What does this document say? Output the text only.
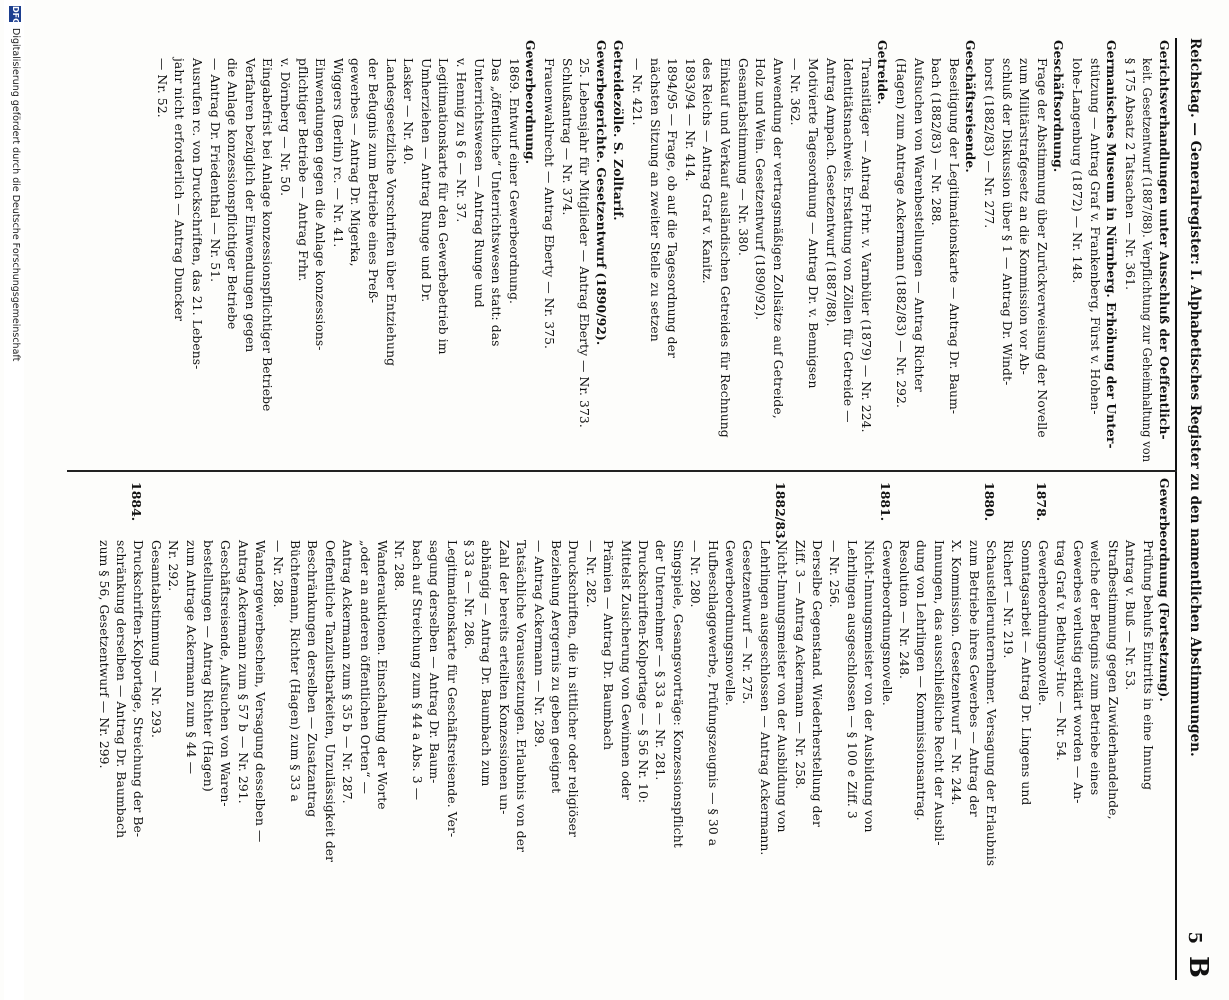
Reichstag. — Generalregister: I. Alphabetisches Register zu den namentlichen Abstimmungen.
5
B
Gerichtsverhandlungen unter Ausschluß der Oeffentlich-
keit. Gesetzentwurf (1887/88). Verpflichtung zur Geheimhaltung von
§ 175 Absatz 2 Tatsachen — Nr. 361.
Germanisches Museum in Nürnberg. Erhöhung der Unter-
stützung — Antrag Graf v. Frankenberg, Fürst v. Hohen-
lohe-Langenburg (1872) — Nr. 148.
Geschäftsordnung.
Frage der Abstimmung über Zurückverweisung der Novelle
zum Militärstrafgesetz an die Kommission vor Ab-
schluß der Diskussion über § 1 — Antrag Dr. Windt-
horst (1882/83) — Nr. 277.
Geschäftsreisende.
Beseitigung der Legitimationskarte — Antrag Dr. Baum-
bach (1882/83) — Nr. 288.
Aufsuchen von Warenbestellungen — Antrag Richter
(Hagen) zum Antrage Ackermann (1882/83) — Nr. 292.
Getreide.
Transitläger — Antrag Frhr. v. Varnbüler (1879) — Nr. 224.
Identitätsnachweis. Erstattung von Zöllen für Getreide —
Antrag Ampach. Gesetzentwurf (1887/88).
Motivierte Tagesordnung — Antrag Dr. v. Bennigsen
— Nr. 362.
Anwendung der vertragsmäßigen Zollsätze auf Getreide,
Holz und Wein. Gesetzentwurf (1890/92).
Gesamtabstimmung — Nr. 380.
Einkauf und Verkauf ausländischen Getreides für Rechnung
des Reichs — Antrag Graf v. Kanitz.
1893/94 — Nr. 414.
1894/95 — Frage, ob auf die Tagesordnung der
nächsten Sitzung an zweiter Stelle zu setzen
— Nr. 421.
Getreidezölle. S. Zolltarif.
Gewerbegerichte. Gesetzentwurf (1890/92).
25. Lebensjahr für Mitglieder — Antrag Eberty — Nr. 373.
Schlußantrag — Nr. 374.
Frauenwahlrecht — Antrag Eberty — Nr. 375.
Gewerbeordnung.
1869. Entwurf einer Gewerbeordnung.
Das „öffentliche“ Unterrichtswesen statt: das
Unterrichtswesen — Antrag Runge und
v. Hennig zu § 6 — Nr. 37.
Legitimationskarte für den Gewerbebetrieb im
Umherziehen — Antrag Runge und Dr.
Lasker — Nr. 40.
Landesgesetzliche Vorschriften über Entziehung
der Befugnis zum Betriebe eines Preß-
gewerbes — Antrag Dr. Migerka,
Wiggers (Berlin) rc. — Nr. 41.
Einwendungen gegen die Anlage konzessions-
pflichtiger Betriebe — Antrag Frhr.
v. Dörnberg — Nr. 50.
Eingabefrist bei Anlage konzessionspflichtiger Betriebe
Verfahren bezüglich der Einwendungen gegen
die Anlage konzessionspflichtiger Betriebe
— Antrag Dr. Friedenthal — Nr. 51.
Ausrufen rc. von Druckschriften, das 21. Lebens-
jahr nicht erforderlich — Antrag Duncker
— Nr. 52.
Gewerbeordnung (Fortsetzung).
Prüfung behufs Eintritts in eine Innung
Antrag v. Buß — Nr. 53.
Strafbestimmung gegen Zuwiderhandelnde,
welche der Befugnis zum Betriebe eines
Gewerbes verlustig erklärt worden — An-
trag Graf v. Bethusy-Huc — Nr. 54.
Gewerbeordnungsnovelle.
1878.
Sonntagsarbeit — Antrag Dr. Lingens und
Richert — Nr. 219.
Schaustellerunternehmer. Versagung der Erlaubnis
1880.
zum Betriebe ihres Gewerbes — Antrag der
X. Kommission. Gesetzentwurf — Nr. 244.
Innungen, das ausschließliche Recht der Ausbil-
dung von Lehrlingen — Kommissionsantrag.
Resolution — Nr. 248.
Gewerbeordnungsnovelle.
1881.
Nicht-Innungsmeister von der Ausbildung von
Lehrlingen ausgeschlossen — § 100 e Ziff. 3
— Nr. 256.
Derselbe Gegenstand. Wiederherstellung der
Ziff. 3 — Antrag Ackermann — Nr. 258.
Nicht-Innungsmeister von der Ausbildung von
1882/83.
Lehrlingen ausgeschlossen — Antrag Ackermann.
Gesetzentwurf — Nr. 275.
Gewerbeordnungsnovelle.
Hufbeschlaggewerbe, Prüfungszeugnis — § 30 a
— Nr. 280.
Singspiele, Gesangsvorträge: Konzessionspflicht
der Unternehmer — § 33 a — Nr. 281.
Druckschriften-Kolportage — § 56 Nr. 10:
Mittelst Zusicherung von Gewinnen oder
Prämien — Antrag Dr. Baumbach
— Nr. 282.
Druckschriften, die in sittlicher oder religiöser
Beziehung Aergernis zu geben geeignet
— Antrag Ackermann — Nr. 289.
Tatsächliche Voraussetzungen. Erlaubnis von der
Zahl der bereits erteilten Konzessionen un-
abhängig — Antrag Dr. Baumbach zum
§ 33 a — Nr. 286.
Legitimationskarte für Geschäftsreisende. Ver-
sagung derselben — Antrag Dr. Baum-
bach auf Streichung zum § 44 a Abs. 3 —
Nr. 288.
Wanderauktionen. Einschaltung der Worte
„oder an anderen öffentlichen Orten“ —
Antrag Ackermann zum § 35 b — Nr. 287.
Oeffentliche Tanzlustbarkeiten, Unzulässigkeit der
Beschränkungen derselben — Zusatzantrag
Büchtemann, Richter (Hagen) zum § 33 a
— Nr. 288.
Wandergewerbeschein, Versagung desselben —
Antrag Ackermann zum § 57 b — Nr. 291.
Geschäftsreisende, Aufsuchen von Waren-
bestellungen — Antrag Richter (Hagen)
zum Antrage Ackermann zum § 44 —
Nr. 292.
Gesamtabstimmung — Nr. 293.
Druckschriften-Kolportage, Streichung der Be-
1884.
schränkung derselben — Antrag Dr. Baumbach
zum § 56, Gesetzentwurf — Nr. 299.
DFG
Digitalisierung gefördert durch die Deutsche Forschungsgemeinschaft
